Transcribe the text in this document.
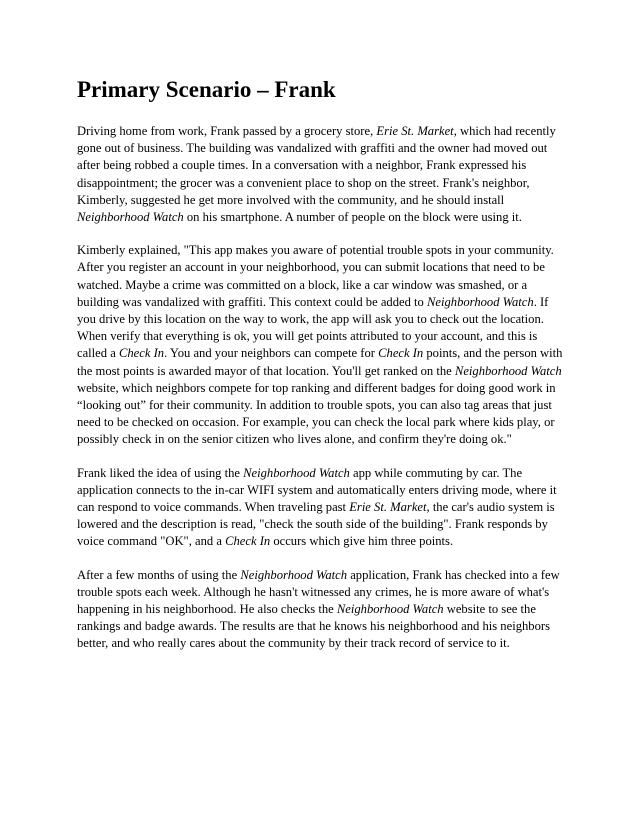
Primary Scenario – Frank

Driving home from work, Frank passed by a grocery store, Erie St. Market, which had recently gone out of business. The building was vandalized with graffiti and the owner had moved out after being robbed a couple times. In a conversation with a neighbor, Frank expressed his disappointment; the grocer was a convenient place to shop on the street. Frank's neighbor, Kimberly, suggested he get more involved with the community, and he should install Neighborhood Watch on his smartphone. A number of people on the block were using it.

Kimberly explained, "This app makes you aware of potential trouble spots in your community. After you register an account in your neighborhood, you can submit locations that need to be watched. Maybe a crime was committed on a block, like a car window was smashed, or a building was vandalized with graffiti. This context could be added to Neighborhood Watch. If you drive by this location on the way to work, the app will ask you to check out the location. When verify that everything is ok, you will get points attributed to your account, and this is called a Check In. You and your neighbors can compete for Check In points, and the person with the most points is awarded mayor of that location. You'll get ranked on the Neighborhood Watch website, which neighbors compete for top ranking and different badges for doing good work in “looking out” for their community. In addition to trouble spots, you can also tag areas that just need to be checked on occasion. For example, you can check the local park where kids play, or possibly check in on the senior citizen who lives alone, and confirm they're doing ok."

Frank liked the idea of using the Neighborhood Watch app while commuting by car. The application connects to the in-car WIFI system and automatically enters driving mode, where it can respond to voice commands. When traveling past Erie St. Market, the car's audio system is lowered and the description is read, "check the south side of the building". Frank responds by voice command "OK", and a Check In occurs which give him three points.

After a few months of using the Neighborhood Watch application, Frank has checked into a few trouble spots each week. Although he hasn't witnessed any crimes, he is more aware of what's happening in his neighborhood. He also checks the Neighborhood Watch website to see the rankings and badge awards. The results are that he knows his neighborhood and his neighbors better, and who really cares about the community by their track record of service to it.
